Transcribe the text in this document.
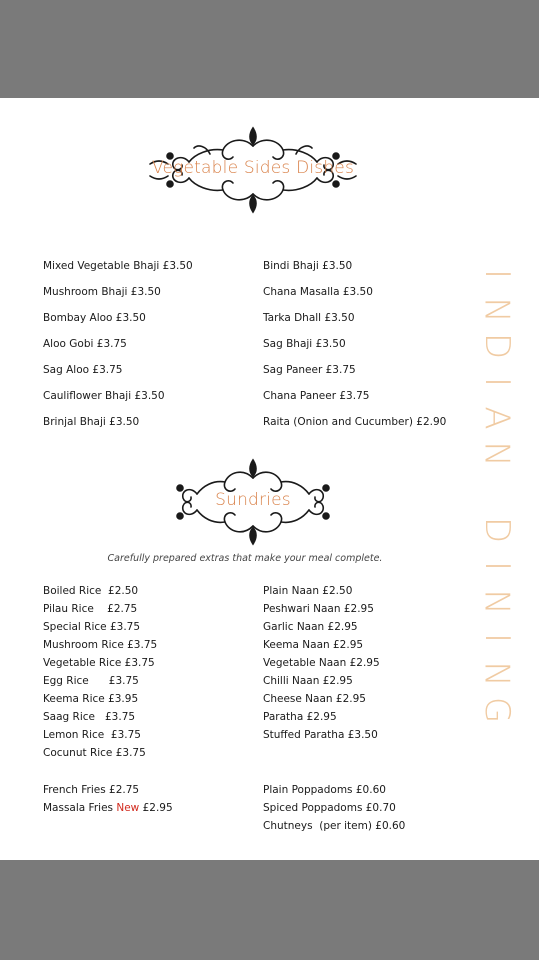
Vegetable Sides Dishes
Mixed Vegetable Bhaji £3.50
Mushroom Bhaji £3.50
Bombay Aloo £3.50
Aloo Gobi £3.75
Sag Aloo £3.75
Cauliflower Bhaji £3.50
Brinjal Bhaji £3.50
Bindi Bhaji £3.50
Chana Masalla £3.50
Tarka Dhall £3.50
Sag Bhaji £3.50
Sag Paneer £3.75
Chana Paneer £3.75
Raita (Onion and Cucumber) £2.90
Sundries
Carefully prepared extras that make your meal complete.
Boiled Rice  £2.50
Pilau Rice    £2.75
Special Rice £3.75
Mushroom Rice £3.75
Vegetable Rice £3.75
Egg Rice      £3.75
Keema Rice £3.95
Saag Rice   £3.75
Lemon Rice  £3.75
Cocunut Rice £3.75
Plain Naan £2.50
Peshwari Naan £2.95
Garlic Naan £2.95
Keema Naan £2.95
Vegetable Naan £2.95
Chilli Naan £2.95
Cheese Naan £2.95
Paratha £2.95
Stuffed Paratha £3.50
French Fries £2.75
Massala Fries New £2.95
Plain Poppadoms £0.60
Spiced Poppadoms £0.70
Chutneys  (per item) £0.60
I
N
D
I
A
N

D
I
N
I
N
G
